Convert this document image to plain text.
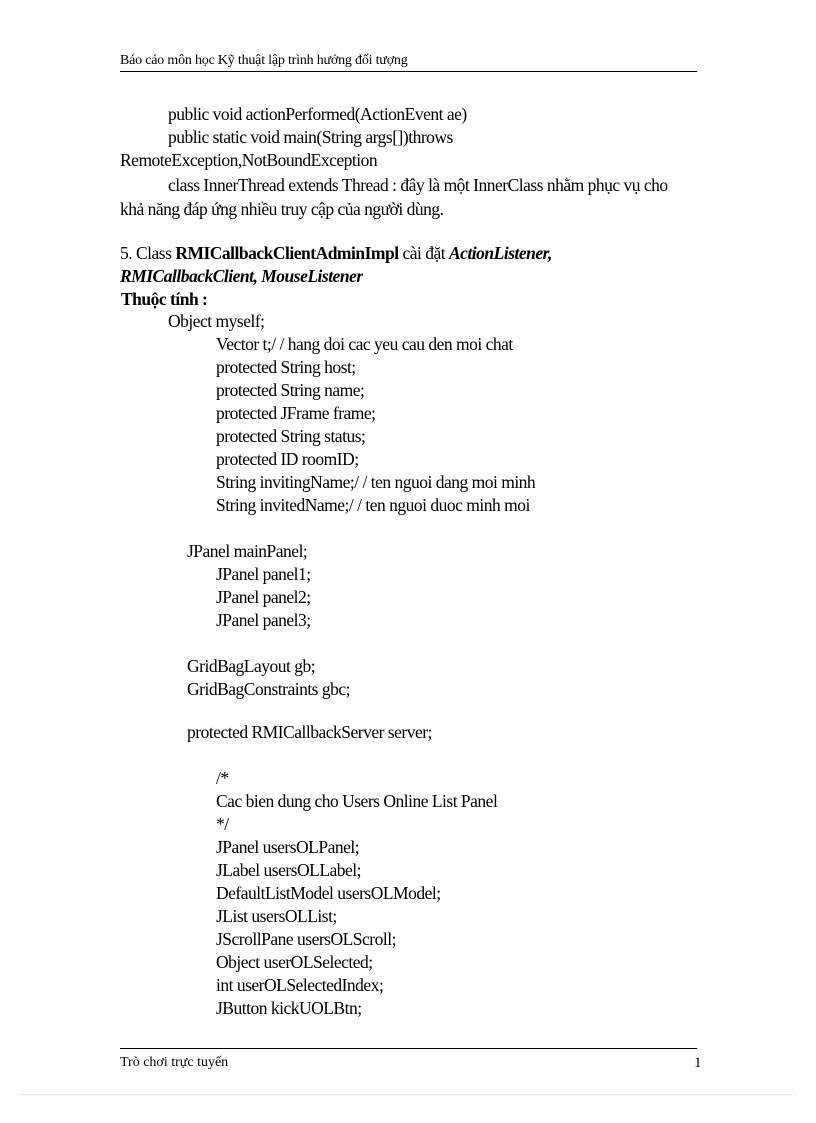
Báo cáo môn học Kỹ thuật lập trình hướng đối tượng
public void actionPerformed(ActionEvent ae)
public static void main(String args[])throws
RemoteException,NotBoundException
class InnerThread extends Thread : đây là một InnerClass nhằm phục vụ cho
khả năng đáp ứng nhiều truy cập của người dùng.
5. Class RMICallbackClientAdminImpl cài đặt ActionListener,
RMICallbackClient, MouseListener
Thuộc tính :
Object myself;
Vector t;/ / hang doi cac yeu cau den moi chat
protected String host;
protected String name;
protected JFrame frame;
protected String status;
protected ID roomID;
String invitingName;/ / ten nguoi dang moi minh
String invitedName;/ / ten nguoi duoc minh moi
JPanel mainPanel;
JPanel panel1;
JPanel panel2;
JPanel panel3;
GridBagLayout gb;
GridBagConstraints gbc;
protected RMICallbackServer server;
/*
Cac bien dung cho Users Online List Panel
*/
JPanel usersOLPanel;
JLabel usersOLLabel;
DefaultListModel usersOLModel;
JList usersOLList;
JScrollPane usersOLScroll;
Object userOLSelected;
int userOLSelectedIndex;
JButton kickUOLBtn;
Trò chơi trực tuyến	1
